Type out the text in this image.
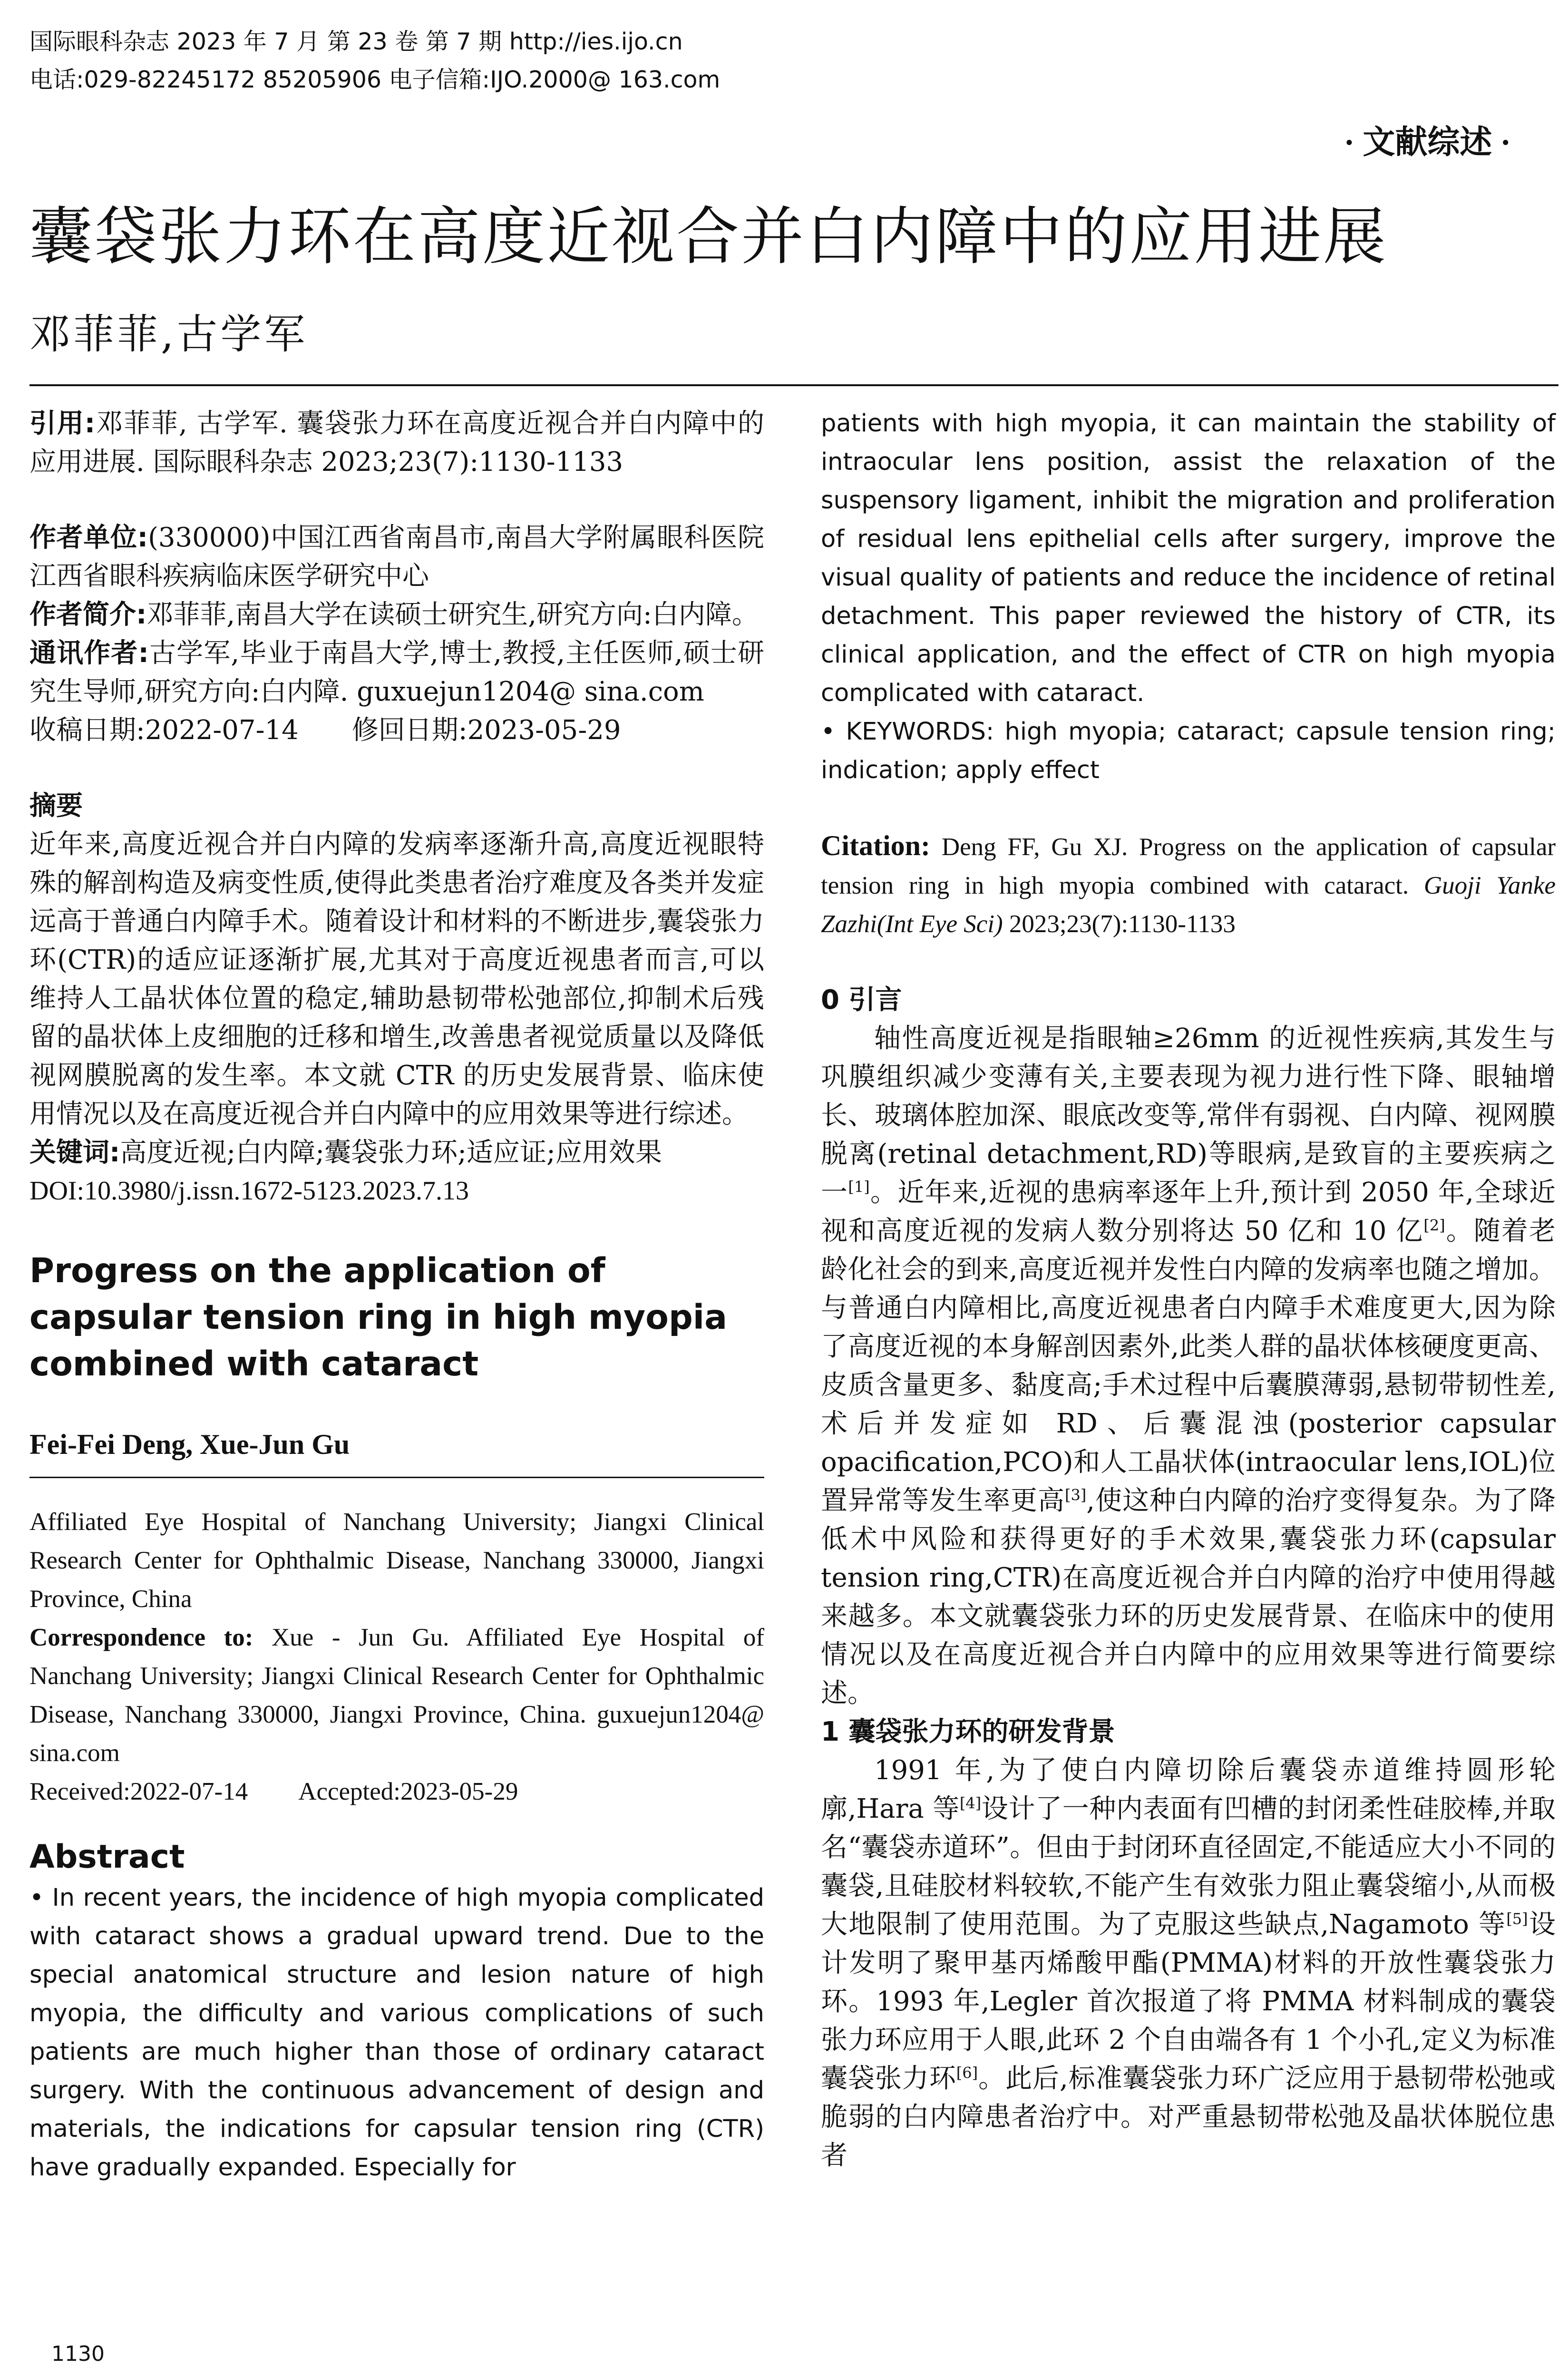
国际眼科杂志 2023 年 7 月 第 23 卷 第 7 期 http://ies.ijo.cn
电话:029-82245172 85205906 电子信箱:IJO.2000@ 163.com
· 文献综述 ·
囊袋张力环在高度近视合并白内障中的应用进展
邓菲菲,古学军

引用:邓菲菲, 古学军. 囊袋张力环在高度近视合并白内障中的应用进展. 国际眼科杂志 2023;23(7):1130-1133

作者单位:(330000)中国江西省南昌市,南昌大学附属眼科医院 江西省眼科疾病临床医学研究中心

作者简介:邓菲菲,南昌大学在读硕士研究生,研究方向:白内障。

通讯作者:古学军,毕业于南昌大学,博士,教授,主任医师,硕士研究生导师,研究方向:白内障. guxuejun1204@ sina.com

收稿日期:2022-07-14   修回日期:2023-05-29

摘要

近年来,高度近视合并白内障的发病率逐渐升高,高度近视眼特殊的解剖构造及病变性质,使得此类患者治疗难度及各类并发症远高于普通白内障手术。随着设计和材料的不断进步,囊袋张力环(CTR)的适应证逐渐扩展,尤其对于高度近视患者而言,可以维持人工晶状体位置的稳定,辅助悬韧带松弛部位,抑制术后残留的晶状体上皮细胞的迁移和增生,改善患者视觉质量以及降低视网膜脱离的发生率。本文就 CTR 的历史发展背景、临床使用情况以及在高度近视合并白内障中的应用效果等进行综述。

关键词:高度近视;白内障;囊袋张力环;适应证;应用效果

DOI:10.3980/j.issn.1672-5123.2023.7.13
Progress on the application of capsular tension ring in high myopia combined with cataract
Fei-Fei Deng, Xue-Jun Gu

Affiliated Eye Hospital of Nanchang University; Jiangxi Clinical Research Center for Ophthalmic Disease, Nanchang 330000, Jiangxi Province, China

Correspondence to: Xue - Jun Gu. Affiliated Eye Hospital of Nanchang University; Jiangxi Clinical Research Center for Ophthalmic Disease, Nanchang 330000, Jiangxi Province, China. guxuejun1204@ sina.com

Received:2022-07-14   Accepted:2023-05-29

Abstract

• In recent years, the incidence of high myopia complicated with cataract shows a gradual upward trend. Due to the special anatomical structure and lesion nature of high myopia, the difficulty and various complications of such patients are much higher than those of ordinary cataract surgery. With the continuous advancement of design and materials, the indications for capsular tension ring (CTR) have gradually expanded. Especially for

patients with high myopia, it can maintain the stability of intraocular lens position, assist the relaxation of the suspensory ligament, inhibit the migration and proliferation of residual lens epithelial cells after surgery, improve the visual quality of patients and reduce the incidence of retinal detachment. This paper reviewed the history of CTR, its clinical application, and the effect of CTR on high myopia complicated with cataract.

• KEYWORDS: high myopia; cataract; capsule tension ring; indication; apply effect

Citation: Deng FF, Gu XJ. Progress on the application of capsular tension ring in high myopia combined with cataract. Guoji Yanke Zazhi(Int Eye Sci) 2023;23(7):1130-1133

0 引言

轴性高度近视是指眼轴≥26mm 的近视性疾病,其发生与巩膜组织减少变薄有关,主要表现为视力进行性下降、眼轴增长、玻璃体腔加深、眼底改变等,常伴有弱视、白内障、视网膜脱离(retinal detachment,RD)等眼病,是致盲的主要疾病之一[1]。近年来,近视的患病率逐年上升,预计到 2050 年,全球近视和高度近视的发病人数分别将达 50 亿和 10 亿[2]。随着老龄化社会的到来,高度近视并发性白内障的发病率也随之增加。与普通白内障相比,高度近视患者白内障手术难度更大,因为除了高度近视的本身解剖因素外,此类人群的晶状体核硬度更高、皮质含量更多、黏度高;手术过程中后囊膜薄弱,悬韧带韧性差,术后并发症如 RD、后囊混浊(posterior capsular opacification,PCO)和人工晶状体(intraocular lens,IOL)位置异常等发生率更高[3],使这种白内障的治疗变得复杂。为了降低术中风险和获得更好的手术效果,囊袋张力环(capsular tension ring,CTR)在高度近视合并白内障的治疗中使用得越来越多。本文就囊袋张力环的历史发展背景、在临床中的使用情况以及在高度近视合并白内障中的应用效果等进行简要综述。

1 囊袋张力环的研发背景

1991 年,为了使白内障切除后囊袋赤道维持圆形轮廓,Hara 等[4]设计了一种内表面有凹槽的封闭柔性硅胶棒,并取名“囊袋赤道环”。但由于封闭环直径固定,不能适应大小不同的囊袋,且硅胶材料较软,不能产生有效张力阻止囊袋缩小,从而极大地限制了使用范围。为了克服这些缺点,Nagamoto 等[5]设计发明了聚甲基丙烯酸甲酯(PMMA)材料的开放性囊袋张力环。1993 年,Legler 首次报道了将 PMMA 材料制成的囊袋张力环应用于人眼,此环 2 个自由端各有 1 个小孔,定义为标准囊袋张力环[6]。此后,标准囊袋张力环广泛应用于悬韧带松弛或脆弱的白内障患者治疗中。对严重悬韧带松弛及晶状体脱位患者

1130
